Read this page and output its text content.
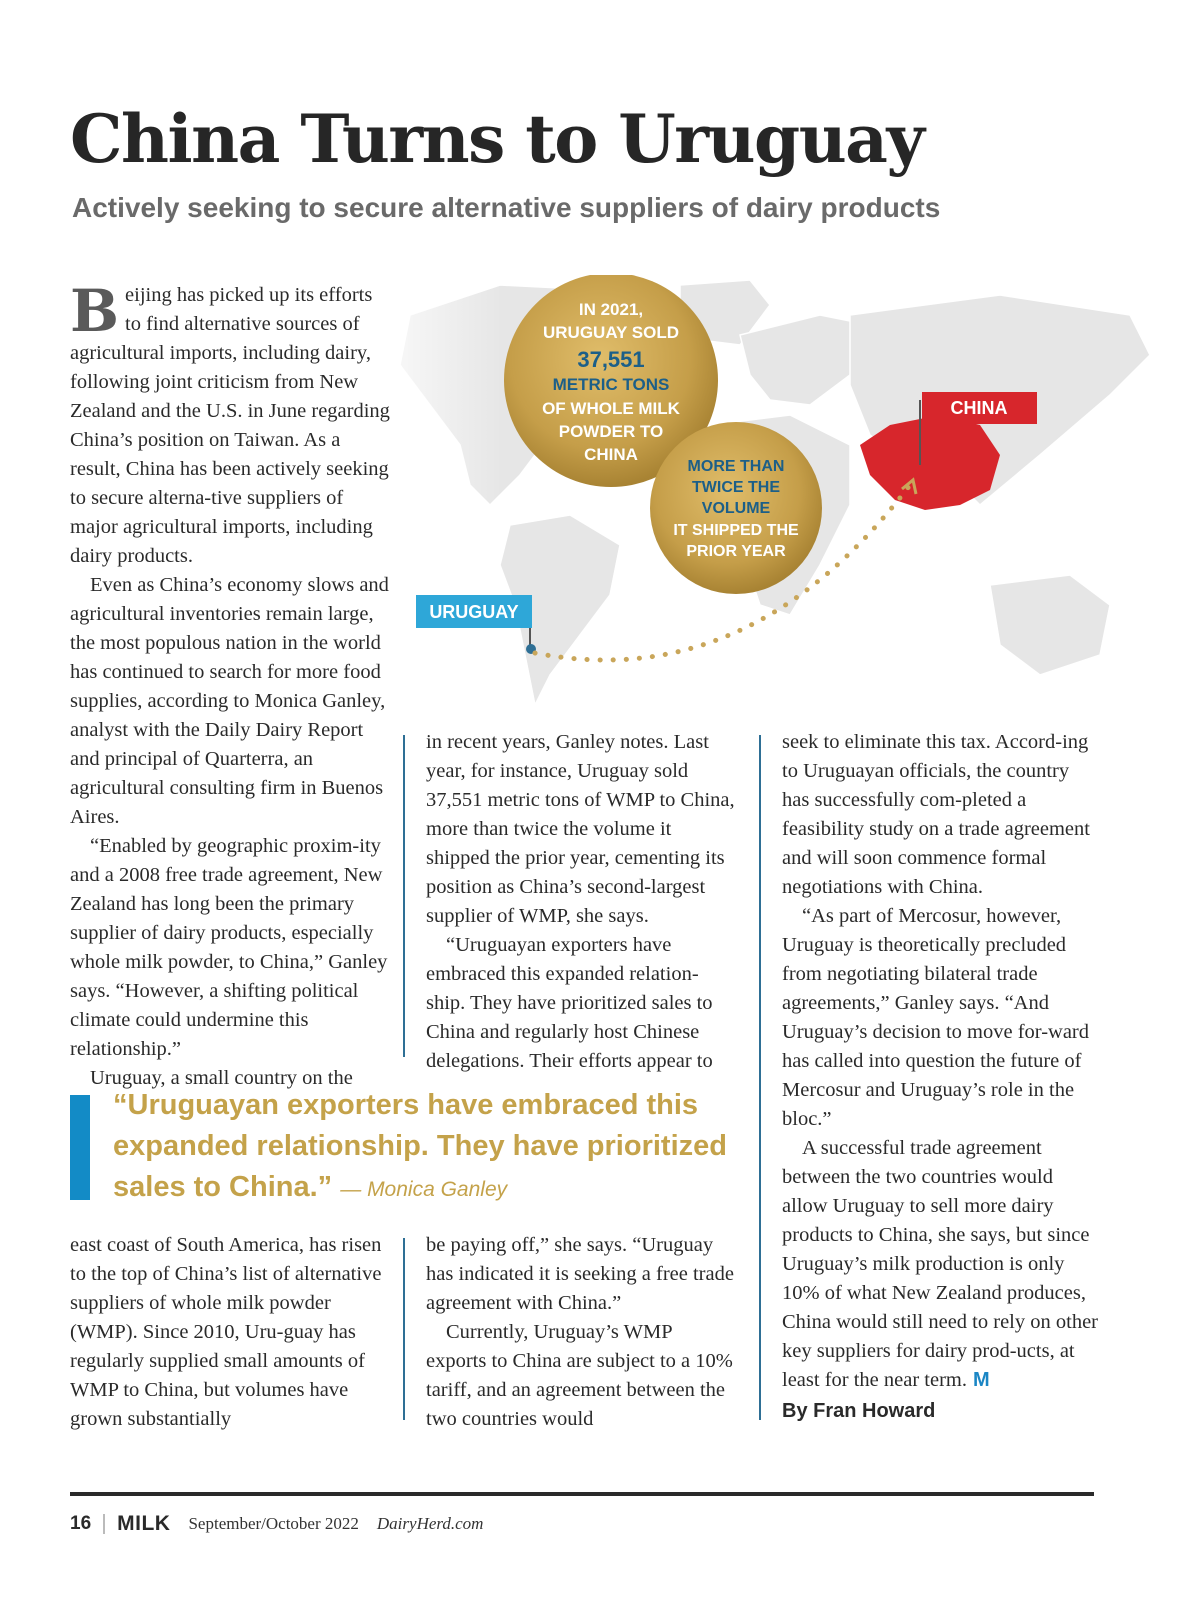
China Turns to Uruguay
Actively seeking to secure alternative suppliers of dairy products
CHINA
URUGUAY
IN 2021,
URUGUAY SOLD
37,551
METRIC TONS
OF WHOLE MILK
POWDER TO
CHINA
MORE THAN
TWICE THE
VOLUME
IT SHIPPED THE
PRIOR YEAR

Beijing has picked up its efforts to find alternative sources of agricultural imports, including dairy, following joint criticism from New Zealand and the U.S. in June regarding China’s position on Taiwan. As a result, China has been actively seeking to secure alterna-tive suppliers of major agricultural imports, including dairy products.

Even as China’s economy slows and agricultural inventories remain large, the most populous nation in the world has continued to search for more food supplies, according to Monica Ganley, analyst with the Daily Dairy Report and principal of Quarterra, an agricultural consulting firm in Buenos Aires.

“Enabled by geographic proxim-ity and a 2008 free trade agreement, New Zealand has long been the primary supplier of dairy products, especially whole milk powder, to China,” Ganley says. “However, a shifting political climate could undermine this relationship.”

Uruguay, a small country on the

in recent years, Ganley notes. Last year, for instance, Uruguay sold 37,551 metric tons of WMP to China, more than twice the volume it shipped the prior year, cementing its position as China’s second-largest supplier of WMP, she says.

“Uruguayan exporters have embraced this expanded relation-ship. They have prioritized sales to China and regularly host Chinese delegations. Their efforts appear to

seek to eliminate this tax. Accord-ing to Uruguayan officials, the country has successfully com-pleted a feasibility study on a trade agreement and will soon commence formal negotiations with China.

“As part of Mercosur, however, Uruguay is theoretically precluded from negotiating bilateral trade agreements,” Ganley says. “And Uruguay’s decision to move for-ward has called into question the future of Mercosur and Uruguay’s role in the bloc.”

A successful trade agreement between the two countries would allow Uruguay to sell more dairy products to China, she says, but since Uruguay’s milk production is only 10% of what New Zealand produces, China would still need to rely on other key suppliers for dairy prod-ucts, at least for the near term. M

“Uruguayan exporters have embraced this expanded relationship. They have prioritized sales to China.” — Monica Ganley

east coast of South America, has risen to the top of China’s list of alternative suppliers of whole milk powder (WMP). Since 2010, Uru-guay has regularly supplied small amounts of WMP to China, but volumes have grown substantially

be paying off,” she says. “Uruguay has indicated it is seeking a free trade agreement with China.”

Currently, Uruguay’s WMP exports to China are subject to a 10% tariff, and an agreement between the two countries would	By Fran Howard

16 MILK September/October 2022 DairyHerd.com
